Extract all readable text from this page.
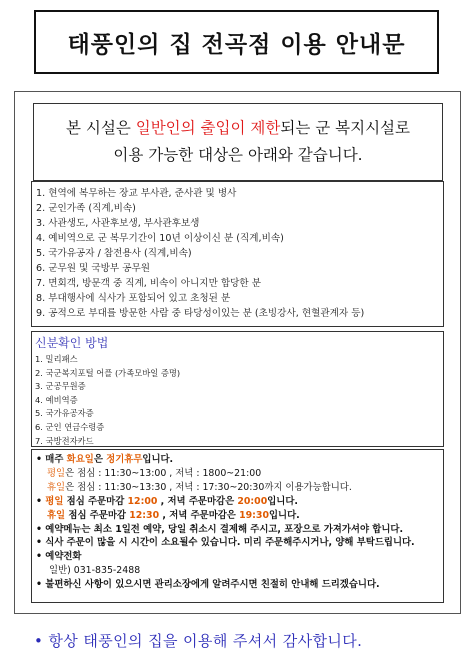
태풍인의 집 전곡점 이용 안내문
본 시설은 일반인의 출입이 제한되는 군 복지시설로
이용 가능한 대상은 아래와 같습니다.
1. 현역에 복무하는 장교 부사관, 준사관 및 병사
2. 군인가족 (직계,비속)
3. 사관생도, 사관후보생, 부사관후보생
4. 예비역으로 군 복무기간이 10년 이상이신 분 (직계,비속)
5. 국가유공자 / 참전용사 (직계,비속)
6. 군무원 및 국방부 공무원
7. 면회객, 방문객 중 직계, 비속이 아니지만 합당한 분
8. 부대행사에 식사가 포함되어 있고 초청된 분
9. 공적으로 부대를 방문한 사람 중 타당성이있는 분 (초빙강사, 현혈관계자 등)
신분확인 방법
1. 밀리패스
2. 국군복지포털 어플 (가족모바일 증명)
3. 군공무원증
4. 예비역증
5. 국가유공자증
6. 군인 연금수령증
7. 국방전자카드
• 매주 화요일은 정기휴무입니다.
평일은 점심 : 11:30~13:00 , 저녁 : 1800~21:00
휴일은 점심 : 11:30~13:30 , 저녁 : 17:30~20:30까지 이용가능합니다.
• 평일 점심 주문마감 12:00 , 저녁 주문마감은 20:00입니다.
휴일 점심 주문마감 12:30 , 저녁 주문마감은 19:30입니다.
• 예약메뉴는 최소 1일전 예약, 당일 취소시 결제해 주시고, 포장으로 가져가셔야 합니다.
• 식사 주문이 많을 시 시간이 소요될수 있습니다. 미리 주문해주시거나, 양해 부탁드립니다.
• 예약전화
일반) 031-835-2488
• 불편하신 사항이 있으시면 관리소장에게 알려주시면 친절히 안내해 드리겠습니다.
• 항상 태풍인의 집을 이용해 주셔서 감사합니다.
